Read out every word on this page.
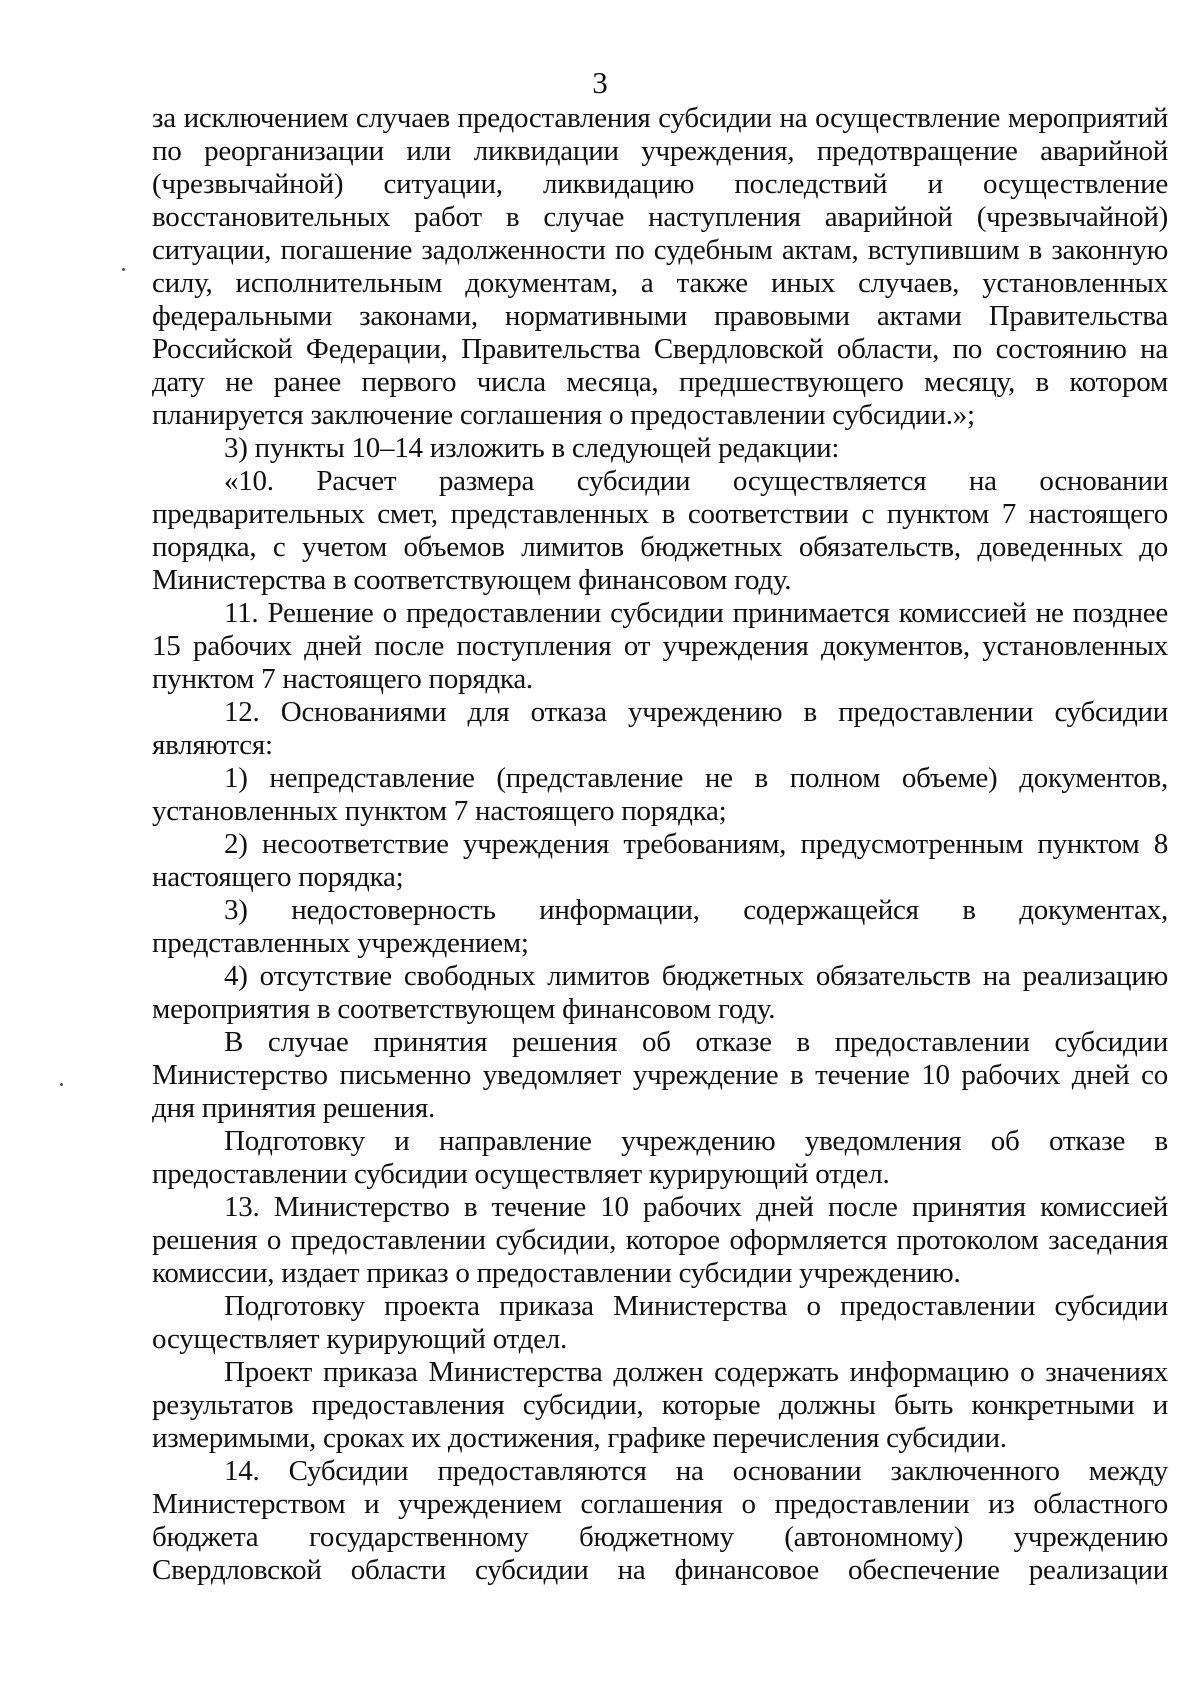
3

за исключением случаев предоставления субсидии на осуществление мероприятий по реорганизации или ликвидации учреждения, предотвращение аварийной (чрезвычайной) ситуации, ликвидацию последствий и осуществление восстановительных работ в случае наступления аварийной (чрезвычайной) ситуации, погашение задолженности по судебным актам, вступившим в законную силу, исполнительным документам, а также иных случаев, установленных федеральными законами, нормативными правовыми актами Правительства Российской Федерации, Правительства Свердловской области, по состоянию на дату не ранее первого числа месяца, предшествующего месяцу, в котором планируется заключение соглашения о предоставлении субсидии.»;

3) пункты 10–14 изложить в следующей редакции:

«10. Расчет размера субсидии осуществляется на основании предварительных смет, представленных в соответствии с пунктом 7 настоящего порядка, с учетом объемов лимитов бюджетных обязательств, доведенных до Министерства в соответствующем финансовом году.

11. Решение о предоставлении субсидии принимается комиссией не позднее 15 рабочих дней после поступления от учреждения документов, установленных пунктом 7 настоящего порядка.

12. Основаниями для отказа учреждению в предоставлении субсидии являются:

1) непредставление (представление не в полном объеме) документов, установленных пунктом 7 настоящего порядка;

2) несоответствие учреждения требованиям, предусмотренным пунктом 8 настоящего порядка;

3) недостоверность информации, содержащейся в документах, представленных учреждением;

4) отсутствие свободных лимитов бюджетных обязательств на реализацию мероприятия в соответствующем финансовом году.

В случае принятия решения об отказе в предоставлении субсидии Министерство письменно уведомляет учреждение в течение 10 рабочих дней со дня принятия решения.

Подготовку и направление учреждению уведомления об отказе в предоставлении субсидии осуществляет курирующий отдел.

13. Министерство в течение 10 рабочих дней после принятия комиссией решения о предоставлении субсидии, которое оформляется протоколом заседания комиссии, издает приказ о предоставлении субсидии учреждению.

Подготовку проекта приказа Министерства о предоставлении субсидии осуществляет курирующий отдел.

Проект приказа Министерства должен содержать информацию о значениях результатов предоставления субсидии, которые должны быть конкретными и измеримыми, сроках их достижения, графике перечисления субсидии.

14. Субсидии предоставляются на основании заключенного между Министерством и учреждением соглашения о предоставлении из областного бюджета государственному бюджетному (автономному) учреждению Свердловской области субсидии на финансовое обеспечение реализации
